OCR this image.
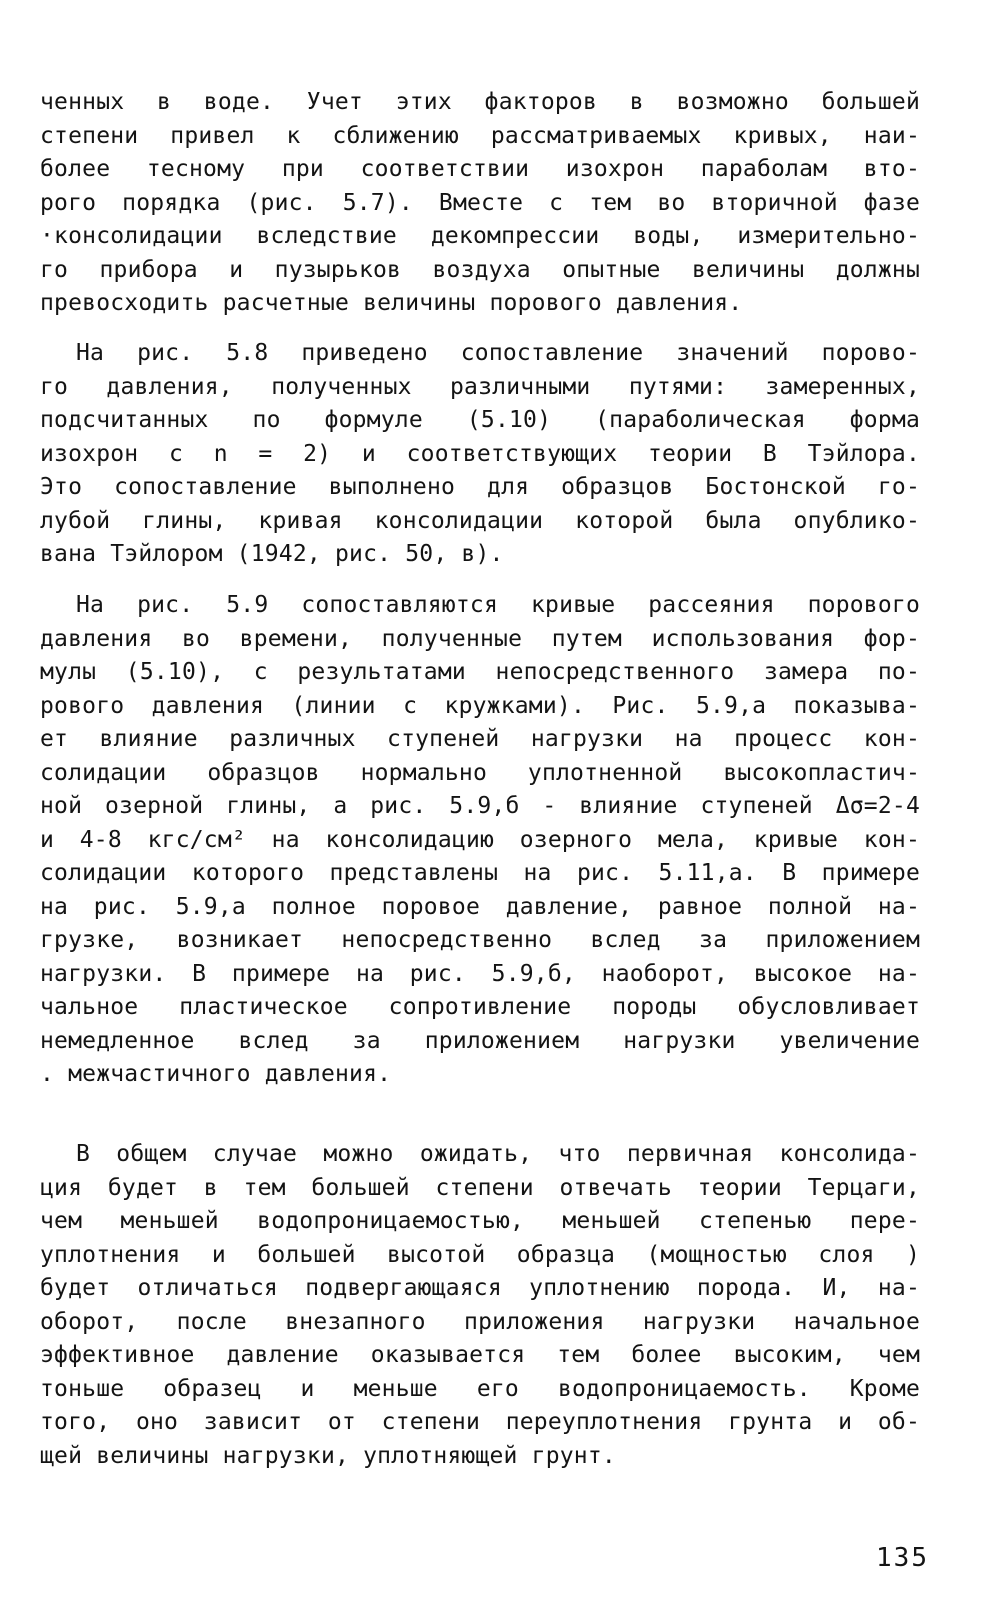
ченных в воде. Учет этих факторов в возможно большей
степени привел к сближению рассматриваемых кривых, наи-
более тесному при соответствии изохрон параболам вто-
рого порядка (рис. 5.7). Вместе с тем во вторичной фазе
·консолидации вследствие декомпрессии воды, измерительно-
го прибора и пузырьков воздуха опытные величины должны
превосходить расчетные величины порового давления.
На рис. 5.8 приведено сопоставление значений порово-
го давления, полученных различными путями: замеренных,
подсчитанных по формуле (5.10) (параболическая форма
изохрон с n = 2) и соответствующих теории В Тэйлора.
Это сопоставление выполнено для образцов Бостонской го-
лубой глины, кривая консолидации которой была опублико-
вана Тэйлором (1942, рис. 50, в).
На рис. 5.9 сопоставляются кривые рассеяния порового
давления во времени, полученные путем использования фор-
мулы (5.10), с результатами непосредственного замера по-
рового давления (линии с кружками). Рис. 5.9,а показыва-
ет влияние различных ступеней нагрузки на процесс кон-
солидации образцов нормально уплотненной высокопластич-
ной озерной глины, а рис. 5.9,б - влияние ступеней Δσ=2-4
и 4-8 кгс/см² на консолидацию озерного мела, кривые кон-
солидации которого представлены на рис. 5.11,а. В примере
на рис. 5.9,а полное поровое давление, равное полной на-
грузке, возникает непосредственно вслед за приложением
нагрузки. В примере на рис. 5.9,б, наоборот, высокое на-
чальное пластическое сопротивление породы обусловливает
немедленное вслед за приложением нагрузки увеличение
. межчастичного давления.
В общем случае можно ожидать, что первичная консолида-
ция будет в тем большей степени отвечать теории Терцаги,
чем меньшей водопроницаемостью, меньшей степенью пере-
уплотнения и большей высотой образца (мощностью слоя )
будет отличаться подвергающаяся уплотнению порода. И, на-
оборот, после внезапного приложения нагрузки начальное
эффективное давление оказывается тем более высоким, чем
тоньше образец и меньше его водопроницаемость. Кроме
того, оно зависит от степени переуплотнения грунта и об-
щей величины нагрузки, уплотняющей грунт.
135
